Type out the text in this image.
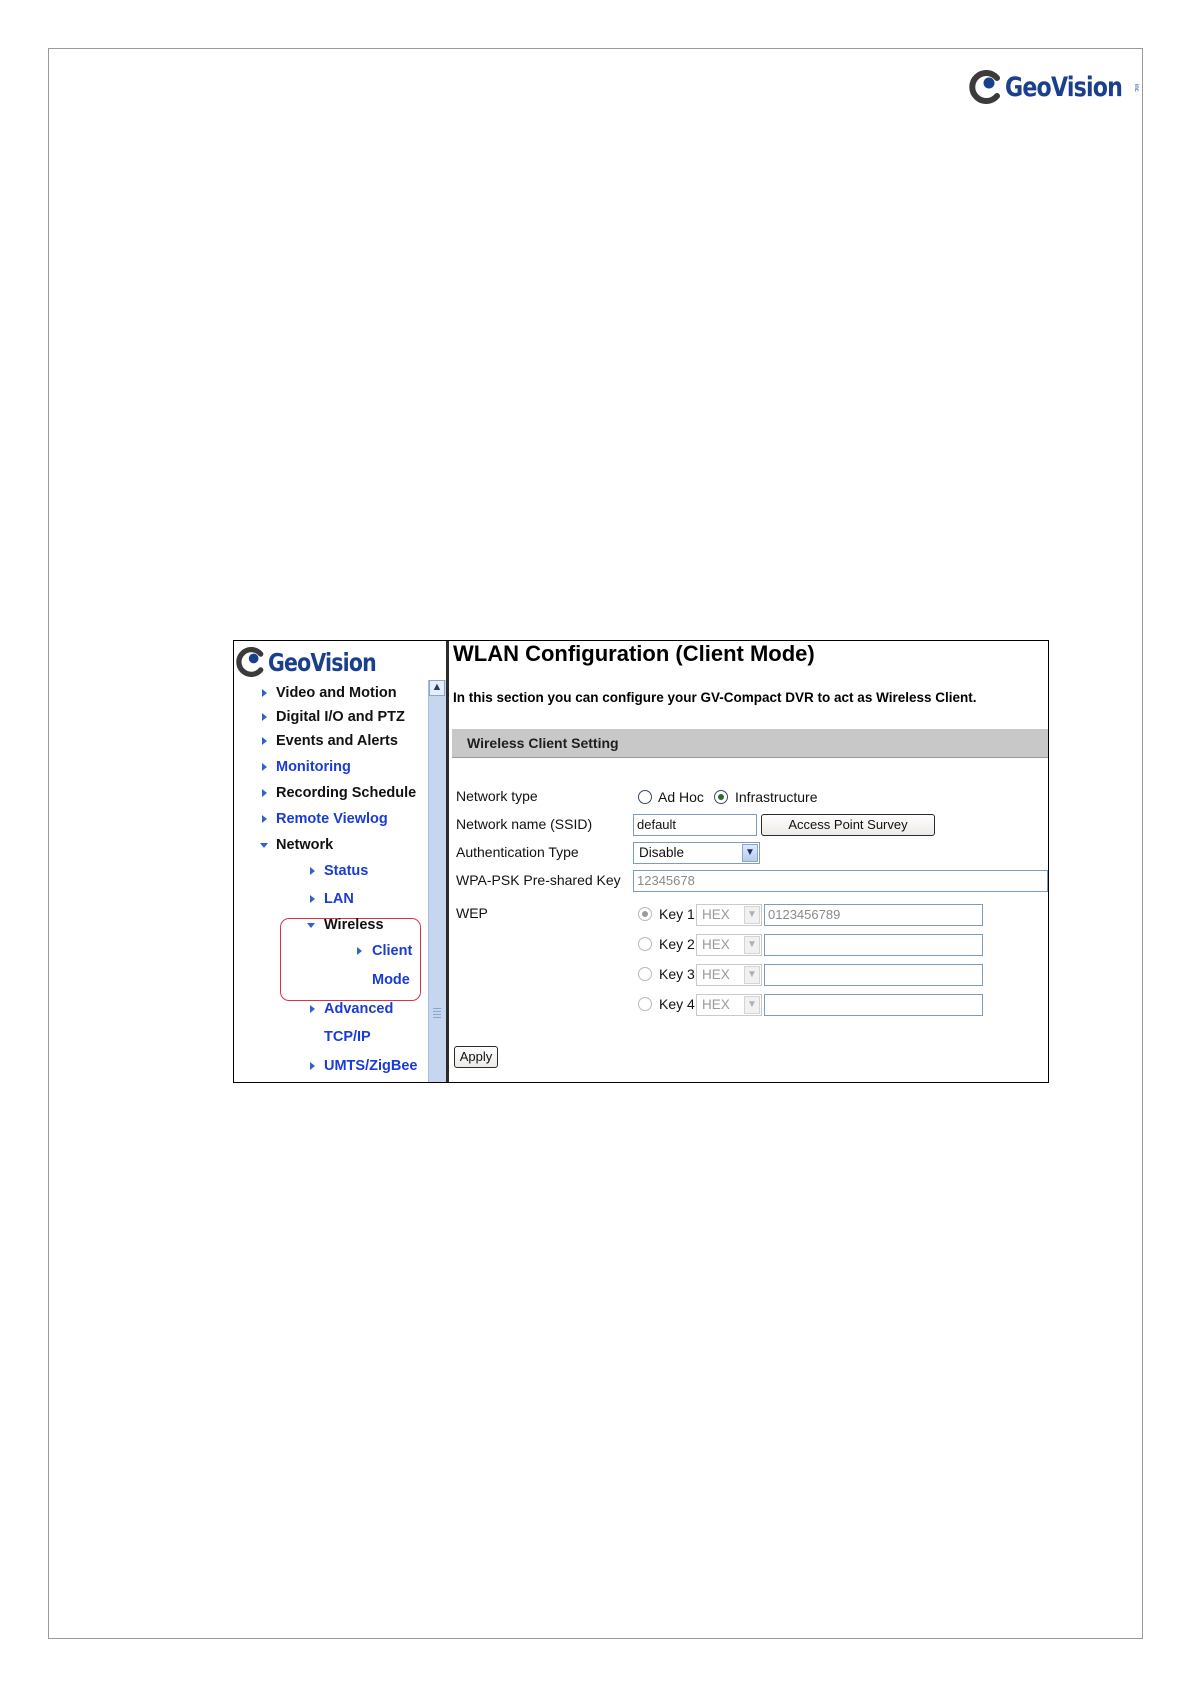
GeoVision inc
GeoVision
Video and Motion
Digital I/O and PTZ
Events and Alerts
Monitoring
Recording Schedule
Remote Viewlog
Network
Status
LAN
Wireless
Client
Mode
Advanced
TCP/IP
UMTS/ZigBee
▲
WLAN Configuration (Client Mode)
In this section you can configure your GV-Compact DVR to act as Wireless Client.
Wireless Client Setting
Network type	Ad Hoc Infrastructure
Network name (SSID)	default	Access Point Survey
Authentication Type	Disable	▼
WPA-PSK Pre-shared Key	12345678
WEP	Key 1 HEX	▼ 0123456789
Key 2 HEX	▼
Key 3 HEX	▼
Key 4 HEX	▼
Apply
